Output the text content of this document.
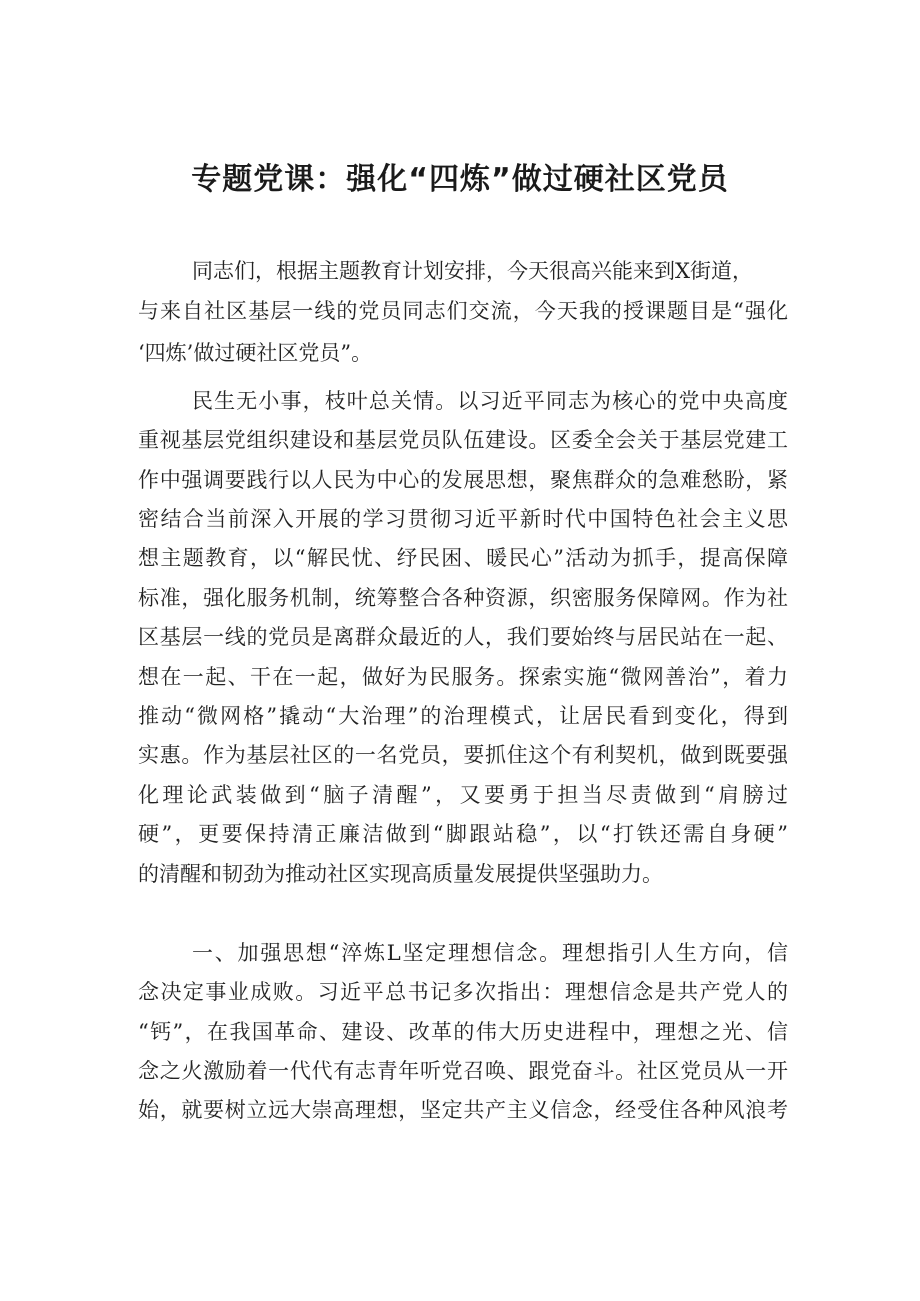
专题党课：强化“四炼”做过硬社区党员
同志们，根据主题教育计划安排，今天很高兴能来到X街道，
与来自社区基层一线的党员同志们交流，今天我的授课题目是“强化
‘四炼’做过硬社区党员”。
民生无小事，枝叶总关情。以习近平同志为核心的党中央高度
重视基层党组织建设和基层党员队伍建设。区委全会关于基层党建工
作中强调要践行以人民为中心的发展思想，聚焦群众的急难愁盼，紧
密结合当前深入开展的学习贯彻习近平新时代中国特色社会主义思
想主题教育，以“解民忧、纾民困、暖民心”活动为抓手，提高保障
标准，强化服务机制，统筹整合各种资源，织密服务保障网。作为社
区基层一线的党员是离群众最近的人，我们要始终与居民站在一起、
想在一起、干在一起，做好为民服务。探索实施“微网善治”，着力
推动“微网格”撬动“大治理”的治理模式，让居民看到变化，得到
实惠。作为基层社区的一名党员，要抓住这个有利契机，做到既要强
化理论武装做到“脑子清醒”，又要勇于担当尽责做到“肩膀过
硬”，更要保持清正廉洁做到“脚跟站稳”，以“打铁还需自身硬”
的清醒和韧劲为推动社区实现高质量发展提供坚强助力。
一、加强思想“淬炼L坚定理想信念。理想指引人生方向，信
念决定事业成败。习近平总书记多次指出：理想信念是共产党人的
“钙”，在我国革命、建设、改革的伟大历史进程中，理想之光、信
念之火激励着一代代有志青年听党召唤、跟党奋斗。社区党员从一开
始，就要树立远大崇高理想，坚定共产主义信念，经受住各种风浪考
